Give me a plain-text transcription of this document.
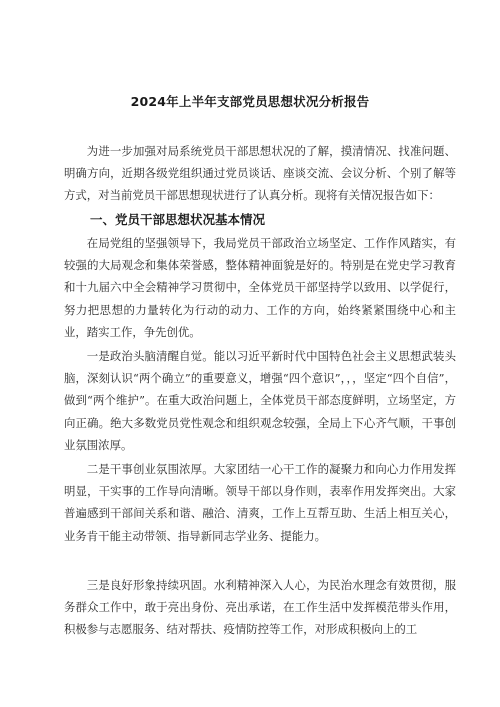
2024年上半年支部党员思想状况分析报告

为进一步加强对局系统党员干部思想状况的了解，摸清情况、找准问题、明确方向，近期各级党组织通过党员谈话、座谈交流、会议分析、个别了解等方式，对当前党员干部思想现状进行了认真分析。现将有关情况报告如下：

一、党员干部思想状况基本情况

在局党组的坚强领导下，我局党员干部政治立场坚定、工作作风踏实，有较强的大局观念和集体荣誉感，整体精神面貌是好的。特别是在党史学习教育和十九届六中全会精神学习贯彻中，全体党员干部坚持学以致用、以学促行，努力把思想的力量转化为行动的动力、工作的方向，始终紧紧围绕中心和主业，踏实工作，争先创优。

一是政治头脑清醒自觉。能以习近平新时代中国特色社会主义思想武装头脑，深刻认识“两个确立”的重要意义，增强“四个意识”，，，坚定“四个自信”，做到“两个维护”。在重大政治问题上，全体党员干部态度鲜明，立场坚定，方向正确。绝大多数党员党性观念和组织观念较强，全局上下心齐气顺，干事创业氛围浓厚。

二是干事创业氛围浓厚。大家团结一心干工作的凝聚力和向心力作用发挥明显，干实事的工作导向清晰。领导干部以身作则，表率作用发挥突出。大家普遍感到干部间关系和谐、融洽、清爽，工作上互帮互助、生活上相互关心，业务肯干能主动带领、指导新同志学业务、提能力。

三是良好形象持续巩固。水利精神深入人心，为民治水理念有效贯彻，服务群众工作中，敢于亮出身份、亮出承诺，在工作生活中发挥模范带头作用，积极参与志愿服务、结对帮扶、疫情防控等工作，对形成积极向上的工
